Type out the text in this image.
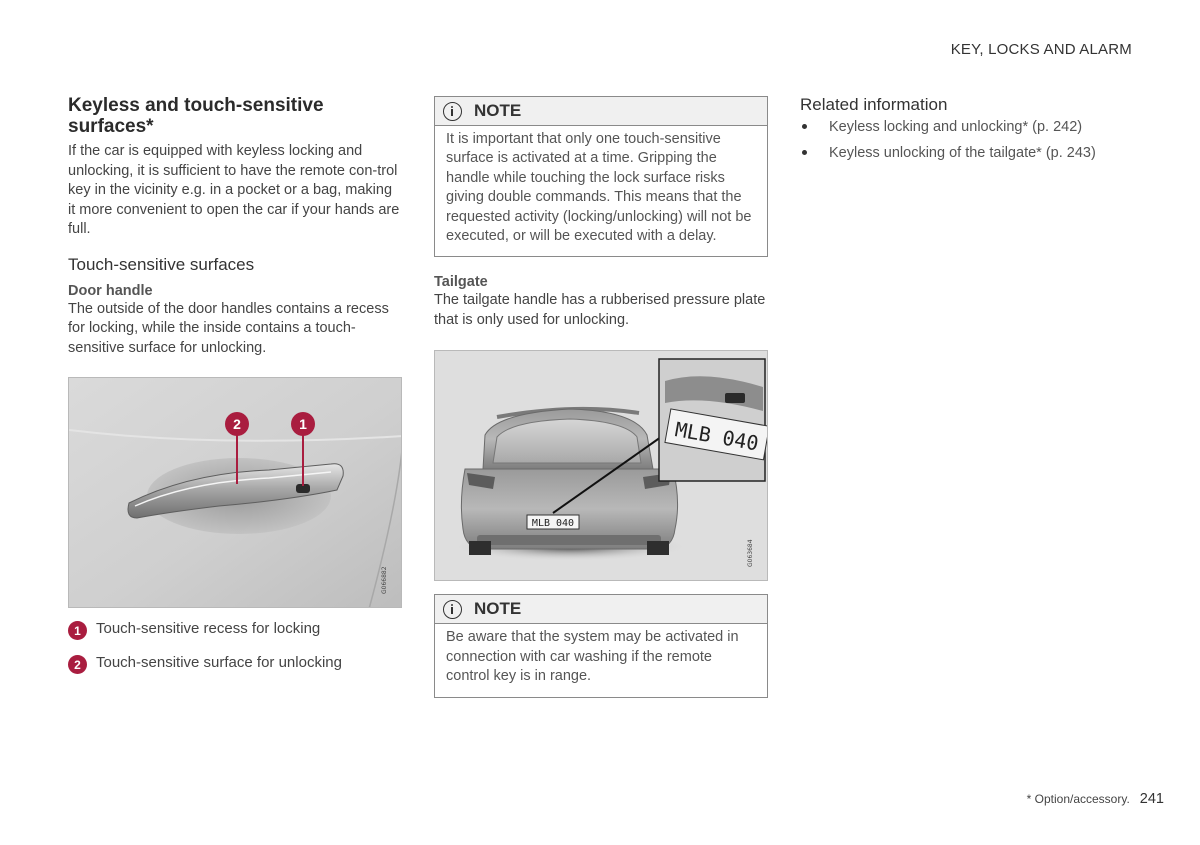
KEY, LOCKS AND ALARM
Keyless and touch-sensitive surfaces*

If the car is equipped with keyless locking and unlocking, it is sufficient to have the remote con-trol key in the vicinity e.g. in a pocket or a bag, making it more convenient to open the car if your hands are full.

Touch-sensitive surfaces
Door handle

The outside of the door handles contains a recess for locking, while the inside contains a touch-sensitive surface for unlocking.

2	1
G066882
1	Touch-sensitive recess for locking
2	Touch-sensitive surface for unlocking
NOTE
It is important that only one touch-sensitive surface is activated at a time. Gripping the handle while touching the lock surface risks giving double commands. This means that the requested activity (locking/unlocking) will not be executed, or will be executed with a delay.
Tailgate

The tailgate handle has a rubberised pressure plate that is only used for unlocking.

MLB 040
MLB 040
G063684
NOTE
Be aware that the system may be activated in connection with car washing if the remote control key is in range.
Related information
Keyless locking and unlocking* (p. 242)
Keyless unlocking of the tailgate* (p. 243)
* Option/accessory. 241
